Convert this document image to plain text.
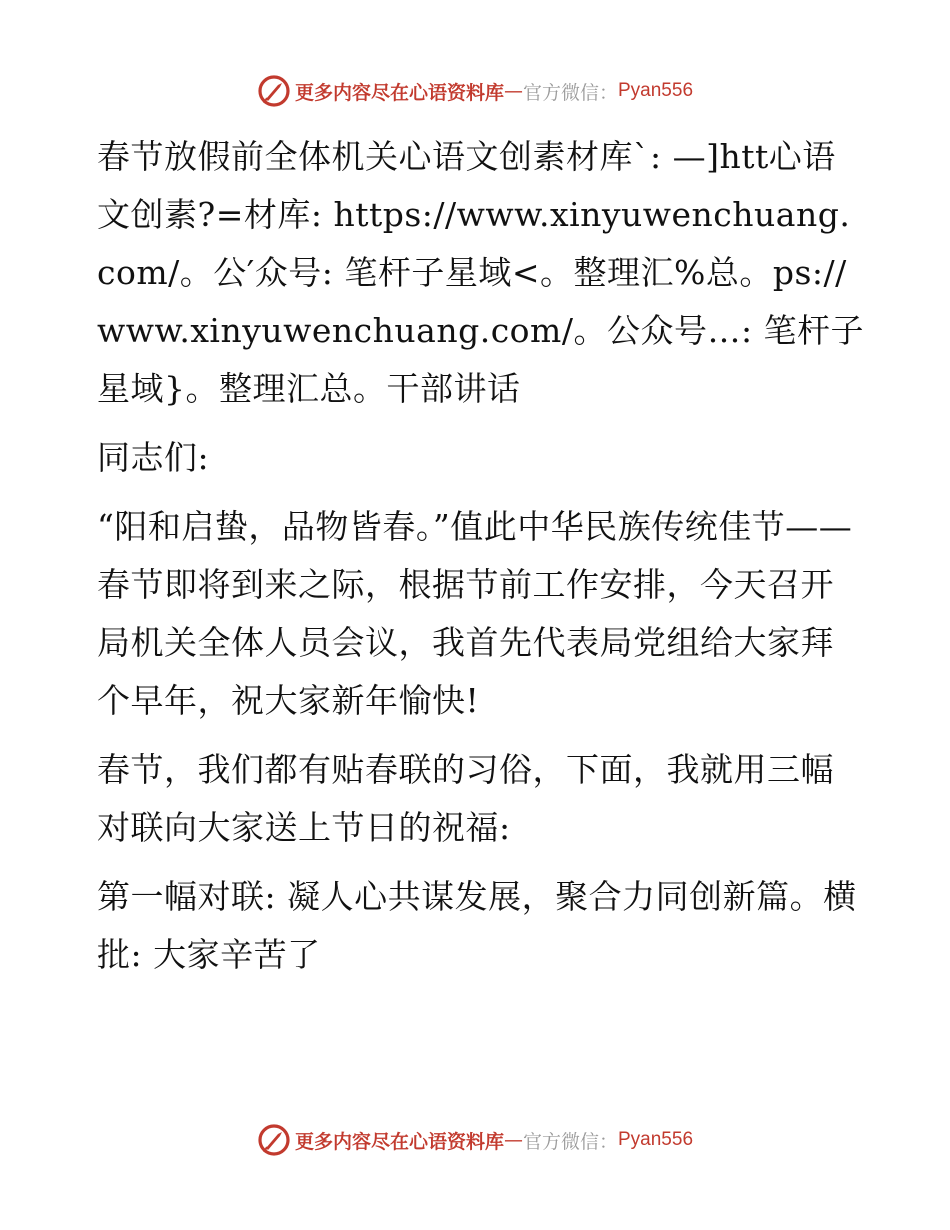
更多内容尽在心语资料库 — 官方微信： Pyan556

春节放假前全体机关心语文创素材库`: —]htt心语文创素?=材库: https://www.xinyuwenchuang.com/。公′众号: 笔杆子星域<。整理汇%总。ps://www.xinyuwenchuang.com/。公众号…: 笔杆子星域}。整理汇总。干部讲话

同志们:

“阳和启蛰，品物皆春。”值此中华民族传统佳节——春节即将到来之际，根据节前工作安排，今天召开局机关全体人员会议，我首先代表局党组给大家拜个早年，祝大家新年愉快!

春节，我们都有贴春联的习俗，下面，我就用三幅对联向大家送上节日的祝福:

第一幅对联: 凝人心共谋发展，聚合力同创新篇。横批: 大家辛苦了

更多内容尽在心语资料库 — 官方微信： Pyan556
